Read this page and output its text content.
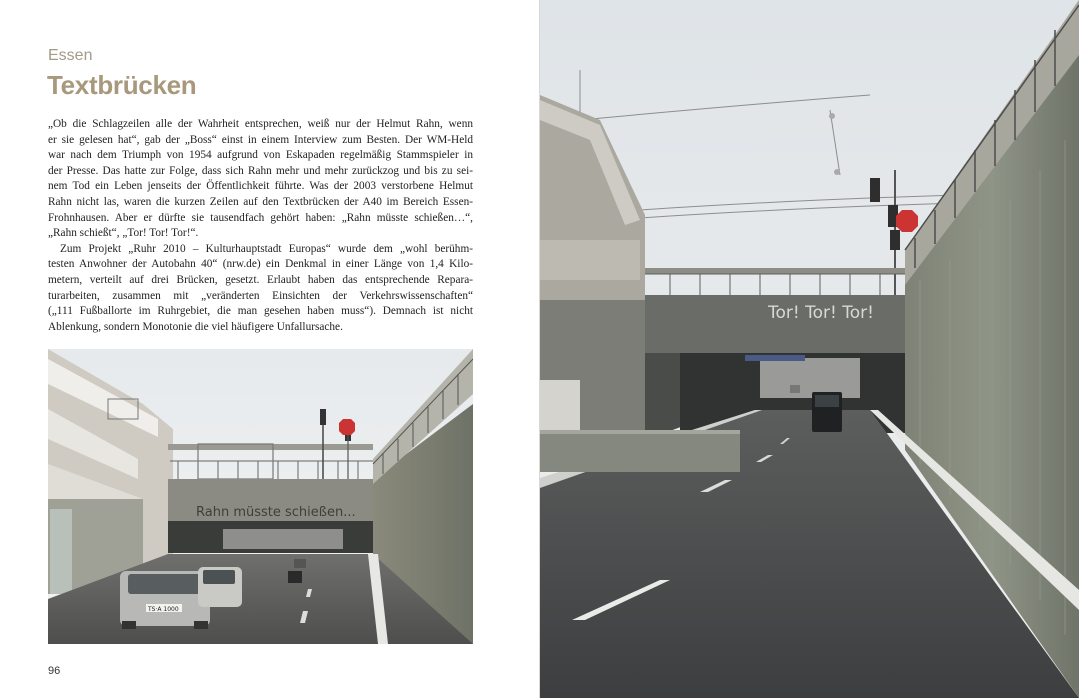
Essen
Textbrücken
„Ob die Schlagzeilen alle der Wahrheit entsprechen, weiß nur der Helmut Rahn, wenn
er sie gelesen hat“, gab der „Boss“ einst in einem Interview zum Besten. Der WM-Held
war nach dem Triumph von 1954 aufgrund von Eskapaden regelmäßig Stammspieler in
der Presse. Das hatte zur Folge, dass sich Rahn mehr und mehr zurückzog und bis zu sei-
nem Tod ein Leben jenseits der Öffentlichkeit führte. Was der 2003 verstorbene Helmut
Rahn nicht las, waren die kurzen Zeilen auf den Textbrücken der A40 im Bereich Essen-
Frohnhausen. Aber er dürfte sie tausendfach gehört haben: „Rahn müsste schießen…“,
„Rahn schießt“, „Tor! Tor! Tor!“.
Zum Projekt „Ruhr 2010 – Kulturhauptstadt Europas“ wurde dem „wohl berühm-
testen Anwohner der Autobahn 40“ (nrw.de) ein Denkmal in einer Länge von 1,4 Kilo-
metern, verteilt auf drei Brücken, gesetzt. Erlaubt haben das entsprechende Repara-
turarbeiten, zusammen mit „veränderten Einsichten der Verkehrswissenschaften“
(„111 Fußballorte im Ruhrgebiet, die man gesehen haben muss“). Demnach ist nicht
Ablenkung, sondern Monotonie die viel häufigere Unfallursache.
Rahn müsste schießen...
TS·A 1000
96
Tor! Tor! Tor!
